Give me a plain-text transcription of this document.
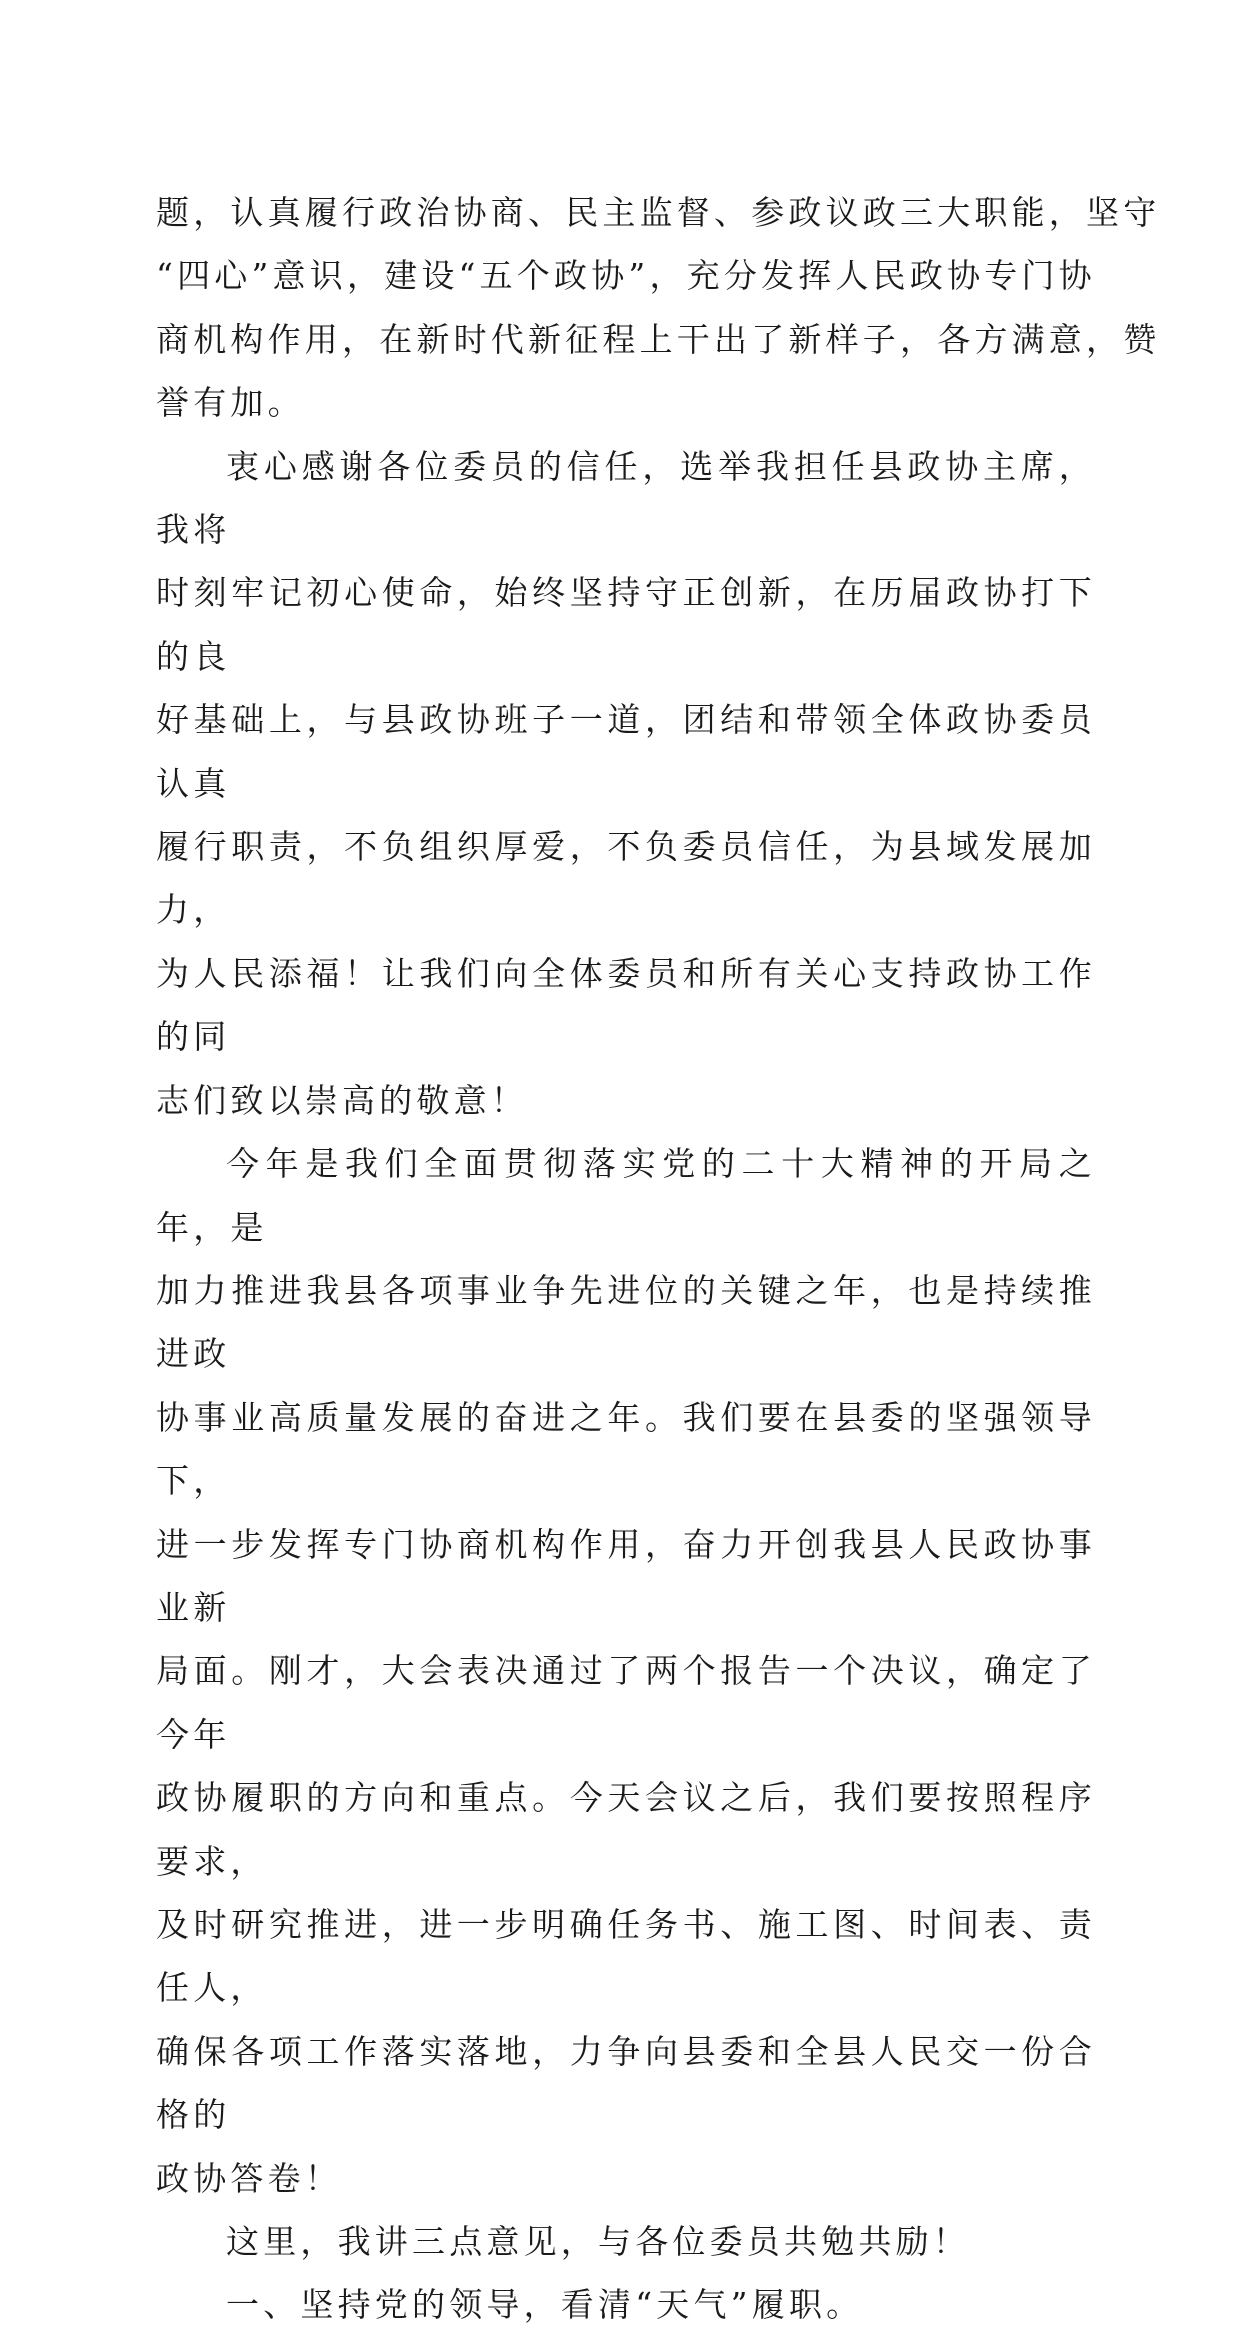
题，认真履行政治协商、民主监督、参政议政三大职能，坚守
“四心”意识，建设“五个政协”，充分发挥人民政协专门协
商机构作用，在新时代新征程上干出了新样子，各方满意，赞
誉有加。

衷心感谢各位委员的信任，选举我担任县政协主席，我将
时刻牢记初心使命，始终坚持守正创新，在历届政协打下的良
好基础上，与县政协班子一道，团结和带领全体政协委员认真
履行职责，不负组织厚爱，不负委员信任，为县域发展加力，
为人民添福！让我们向全体委员和所有关心支持政协工作的同
志们致以崇高的敬意！

今年是我们全面贯彻落实党的二十大精神的开局之年，是
加力推进我县各项事业争先进位的关键之年，也是持续推进政
协事业高质量发展的奋进之年。我们要在县委的坚强领导下，
进一步发挥专门协商机构作用，奋力开创我县人民政协事业新
局面。刚才，大会表决通过了两个报告一个决议，确定了今年
政协履职的方向和重点。今天会议之后，我们要按照程序要求，
及时研究推进，进一步明确任务书、施工图、时间表、责任人，
确保各项工作落实落地，力争向县委和全县人民交一份合格的
政协答卷！

这里，我讲三点意见，与各位委员共勉共励！

一、坚持党的领导，看清“天气”履职。
